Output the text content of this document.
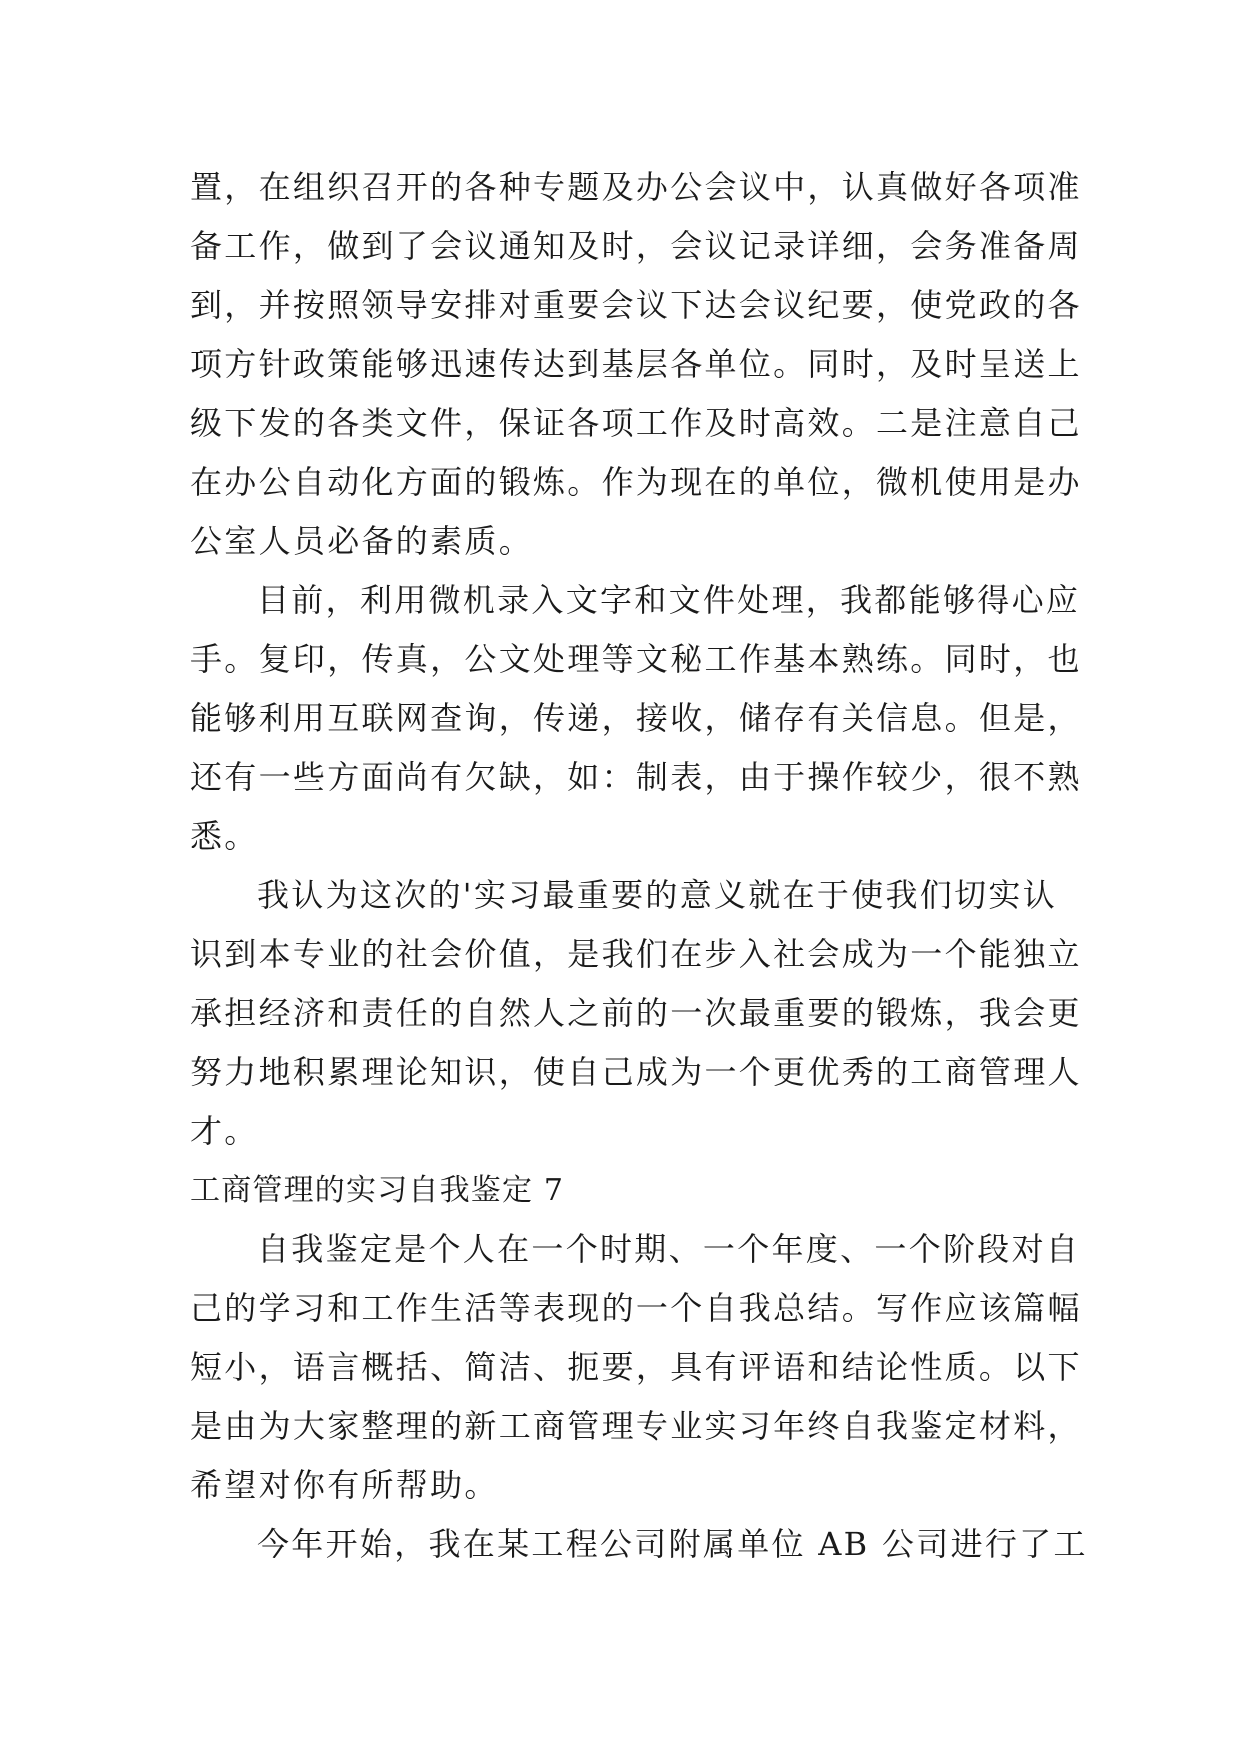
置，在组织召开的各种专题及办公会议中，认真做好各项准
备工作，做到了会议通知及时，会议记录详细，会务准备周
到，并按照领导安排对重要会议下达会议纪要，使党政的各
项方针政策能够迅速传达到基层各单位。同时，及时呈送上
级下发的各类文件，保证各项工作及时高效。二是注意自己
在办公自动化方面的锻炼。作为现在的单位，微机使用是办
公室人员必备的素质。
目前，利用微机录入文字和文件处理，我都能够得心应
手。复印，传真，公文处理等文秘工作基本熟练。同时，也
能够利用互联网查询，传递，接收，储存有关信息。但是，
还有一些方面尚有欠缺，如：制表，由于操作较少，很不熟
悉。
我认为这次的'实习最重要的意义就在于使我们切实认
识到本专业的社会价值，是我们在步入社会成为一个能独立
承担经济和责任的自然人之前的一次最重要的锻炼，我会更
努力地积累理论知识，使自己成为一个更优秀的工商管理人
才。
工商管理的实习自我鉴定 7
自我鉴定是个人在一个时期、一个年度、一个阶段对自
己的学习和工作生活等表现的一个自我总结。写作应该篇幅
短小，语言概括、简洁、扼要，具有评语和结论性质。以下
是由为大家整理的新工商管理专业实习年终自我鉴定材料，
希望对你有所帮助。
今年开始，我在某工程公司附属单位 AB 公司进行了工
